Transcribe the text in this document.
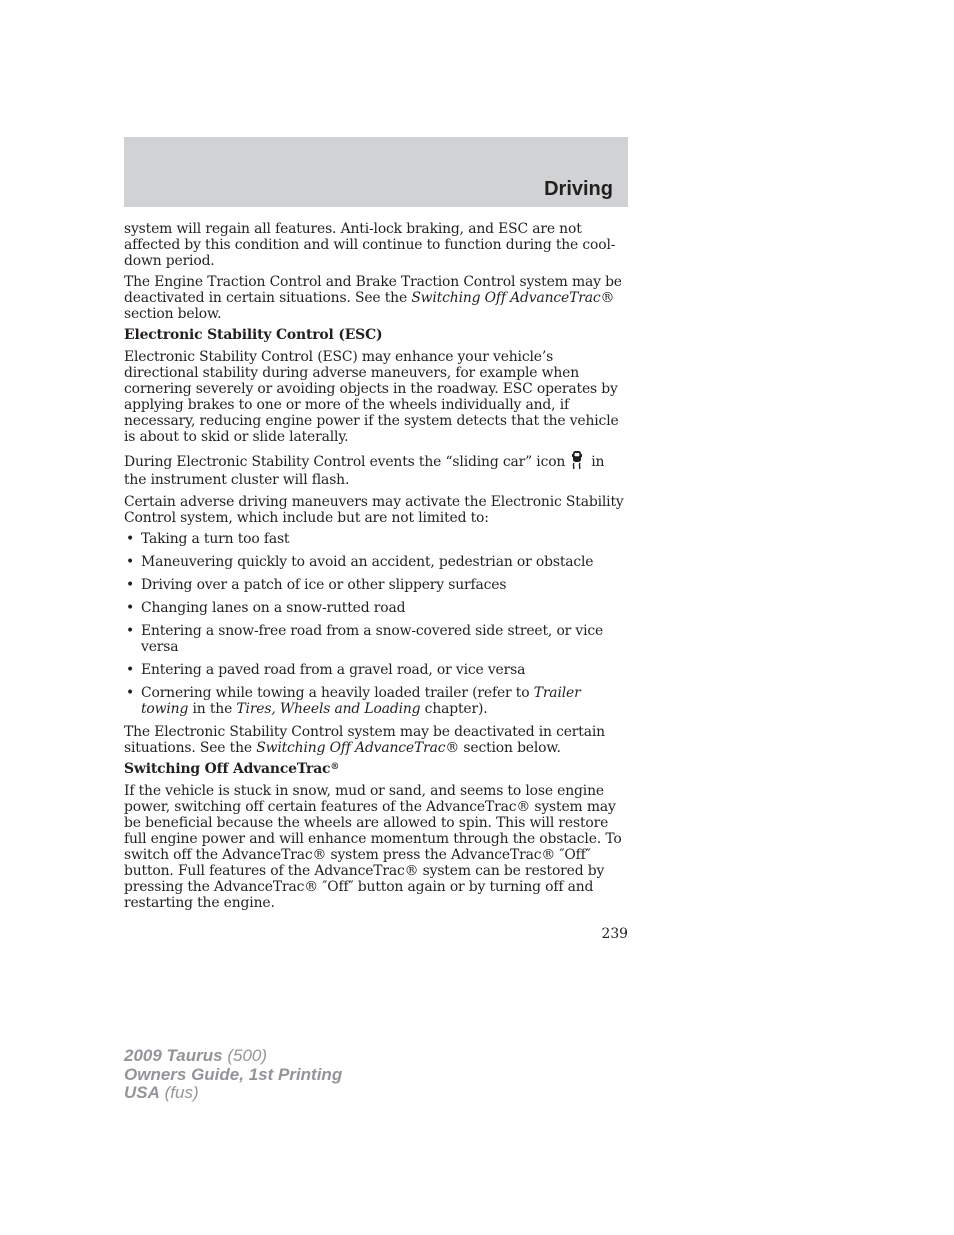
Driving

system will regain all features. Anti-lock braking, and ESC are not affected by this condition and will continue to function during the cool-down period.

The Engine Traction Control and Brake Traction Control system may be deactivated in certain situations. See the Switching Off AdvanceTrac® section below.

Electronic Stability Control (ESC)

Electronic Stability Control (ESC) may enhance your vehicle’s directional stability during adverse maneuvers, for example when cornering severely or avoiding objects in the roadway. ESC operates by applying brakes to one or more of the wheels individually and, if necessary, reducing engine power if the system detects that the vehicle is about to skid or slide laterally.

During Electronic Stability Control events the “sliding car” icon in the instrument cluster will flash.

Certain adverse driving maneuvers may activate the Electronic Stability Control system, which include but are not limited to:

• Taking a turn too fast
• Maneuvering quickly to avoid an accident, pedestrian or obstacle
• Driving over a patch of ice or other slippery surfaces
• Changing lanes on a snow-rutted road
• Entering a snow-free road from a snow-covered side street, or vice versa
• Entering a paved road from a gravel road, or vice versa
• Cornering while towing a heavily loaded trailer (refer to Trailer towing in the Tires, Wheels and Loading chapter).

The Electronic Stability Control system may be deactivated in certain situations. See the Switching Off AdvanceTrac® section below.

Switching Off AdvanceTrac®

If the vehicle is stuck in snow, mud or sand, and seems to lose engine power, switching off certain features of the AdvanceTrac® system may be beneficial because the wheels are allowed to spin. This will restore full engine power and will enhance momentum through the obstacle. To switch off the AdvanceTrac® system press the AdvanceTrac® ″Off″ button. Full features of the AdvanceTrac® system can be restored by pressing the AdvanceTrac® ″Off″ button again or by turning off and restarting the engine.

239
2009 Taurus (500)
Owners Guide, 1st Printing
USA (fus)
